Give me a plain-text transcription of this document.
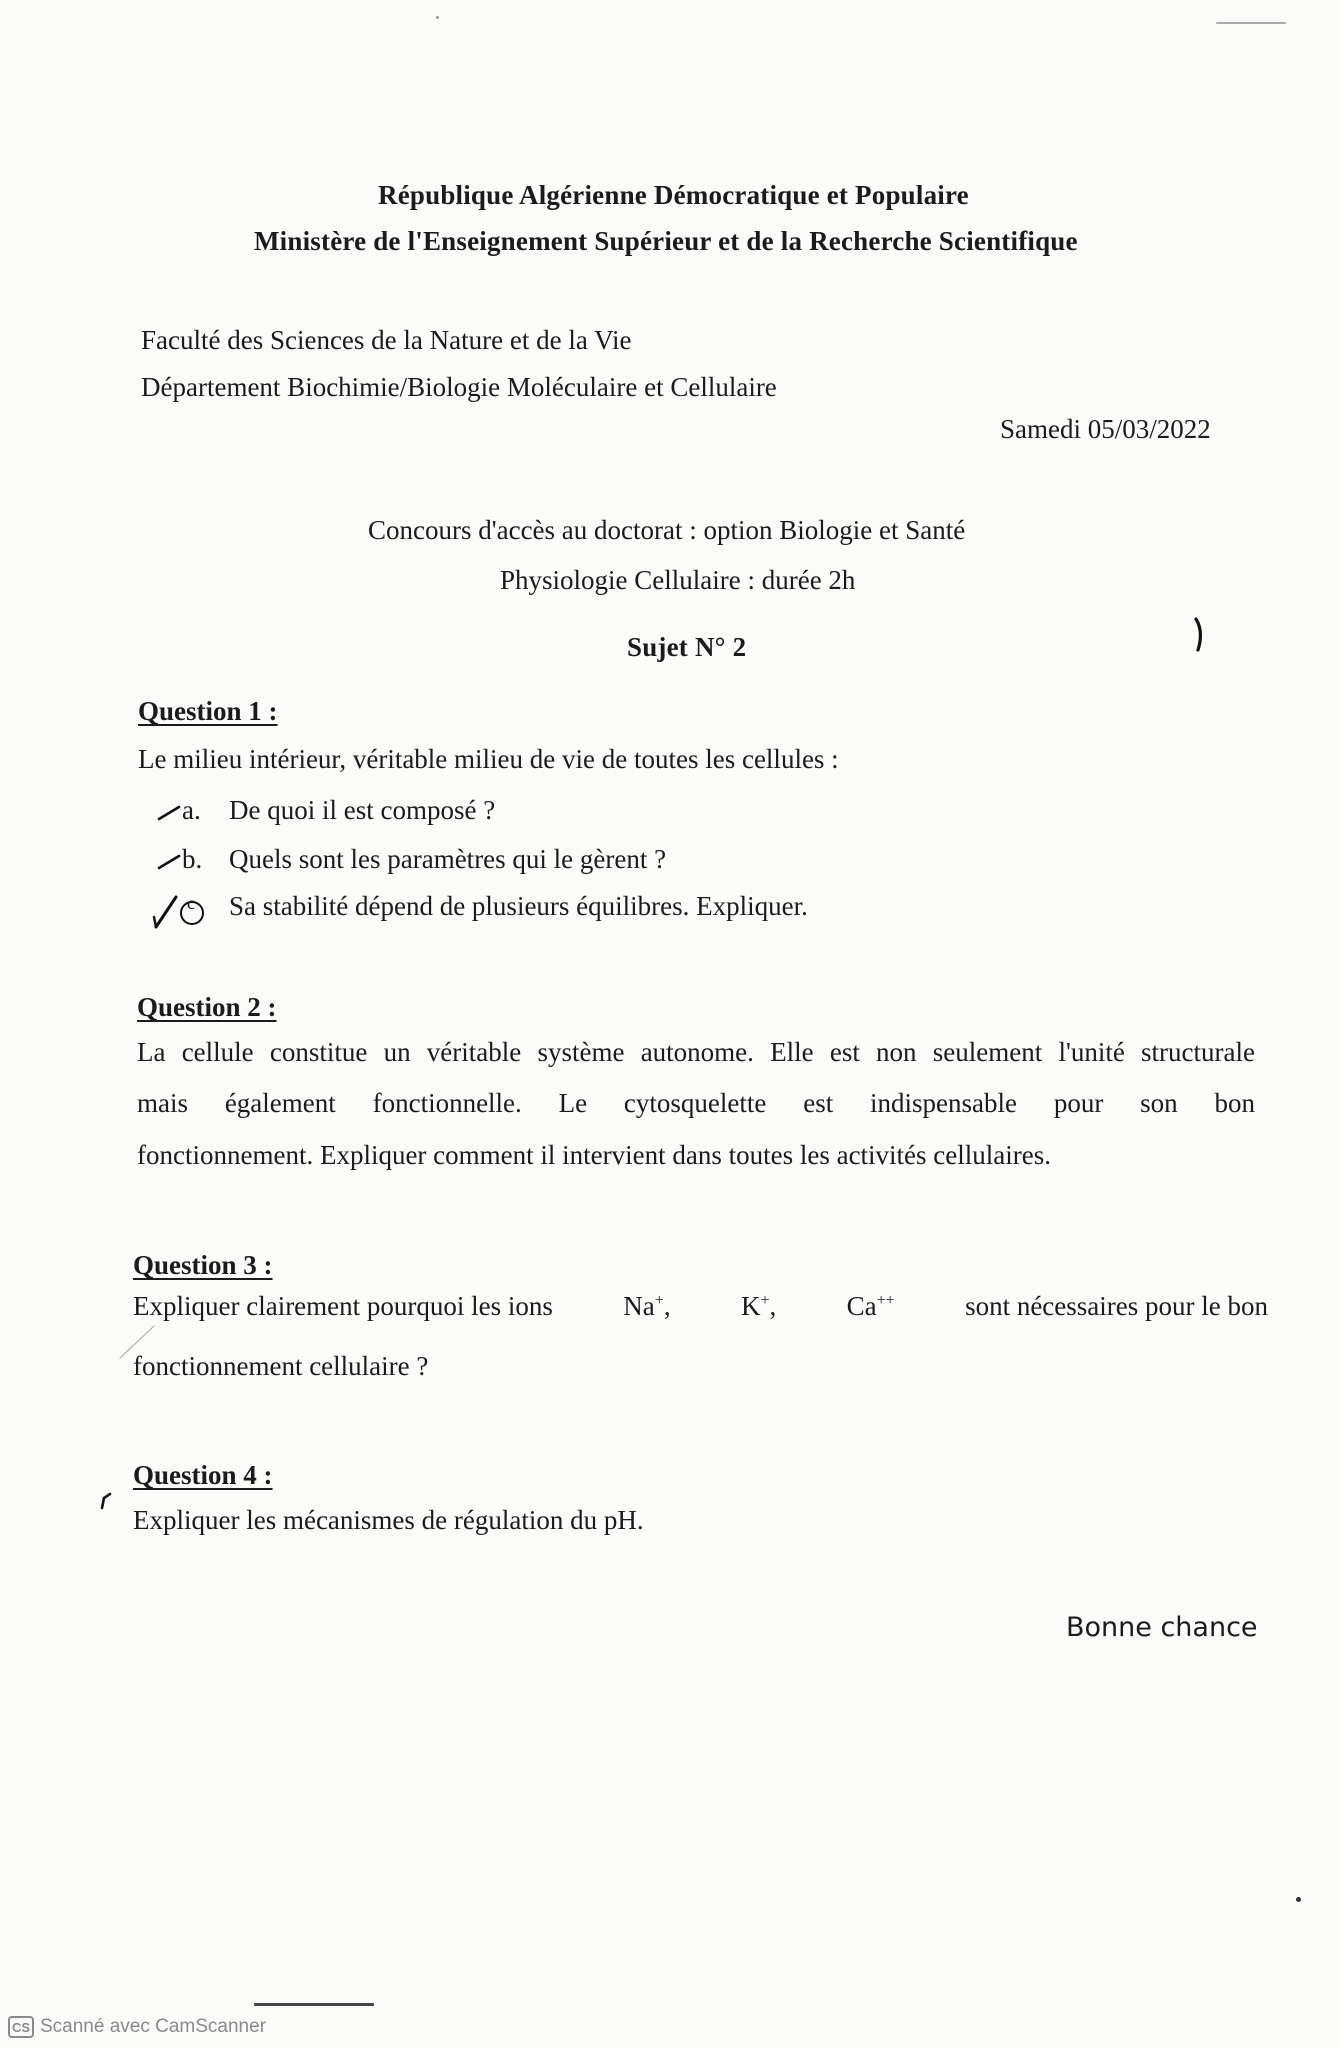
République Algérienne Démocratique et Populaire
Ministère de l'Enseignement Supérieur et de la Recherche Scientifique
Faculté des Sciences de la Nature et de la Vie
Département Biochimie/Biologie Moléculaire et Cellulaire
Samedi 05/03/2022
Concours d'accès au doctorat : option Biologie et Santé
Physiologie Cellulaire : durée 2h
Sujet N° 2
Question 1 :
Le milieu intérieur, véritable milieu de vie de toutes les cellules :
a. De quoi il est composé ?
b. Quels sont les paramètres qui le gèrent ?
c Sa stabilité dépend de plusieurs équilibres. Expliquer.
Question 2 :
La cellule constitue un véritable système autonome. Elle est non seulement l'unité structurale
mais également fonctionnelle. Le cytosquelette est indispensable pour son bon
fonctionnement. Expliquer comment il intervient dans toutes les activités cellulaires.
Question 3 :
Expliquer clairement pourquoi les ions	Na+,	K+,	Ca++	sont nécessaires pour le bon
fonctionnement cellulaire ?
Question 4 :
Expliquer les mécanismes de régulation du pH.
Bonne chance
CS Scanné avec CamScanner
